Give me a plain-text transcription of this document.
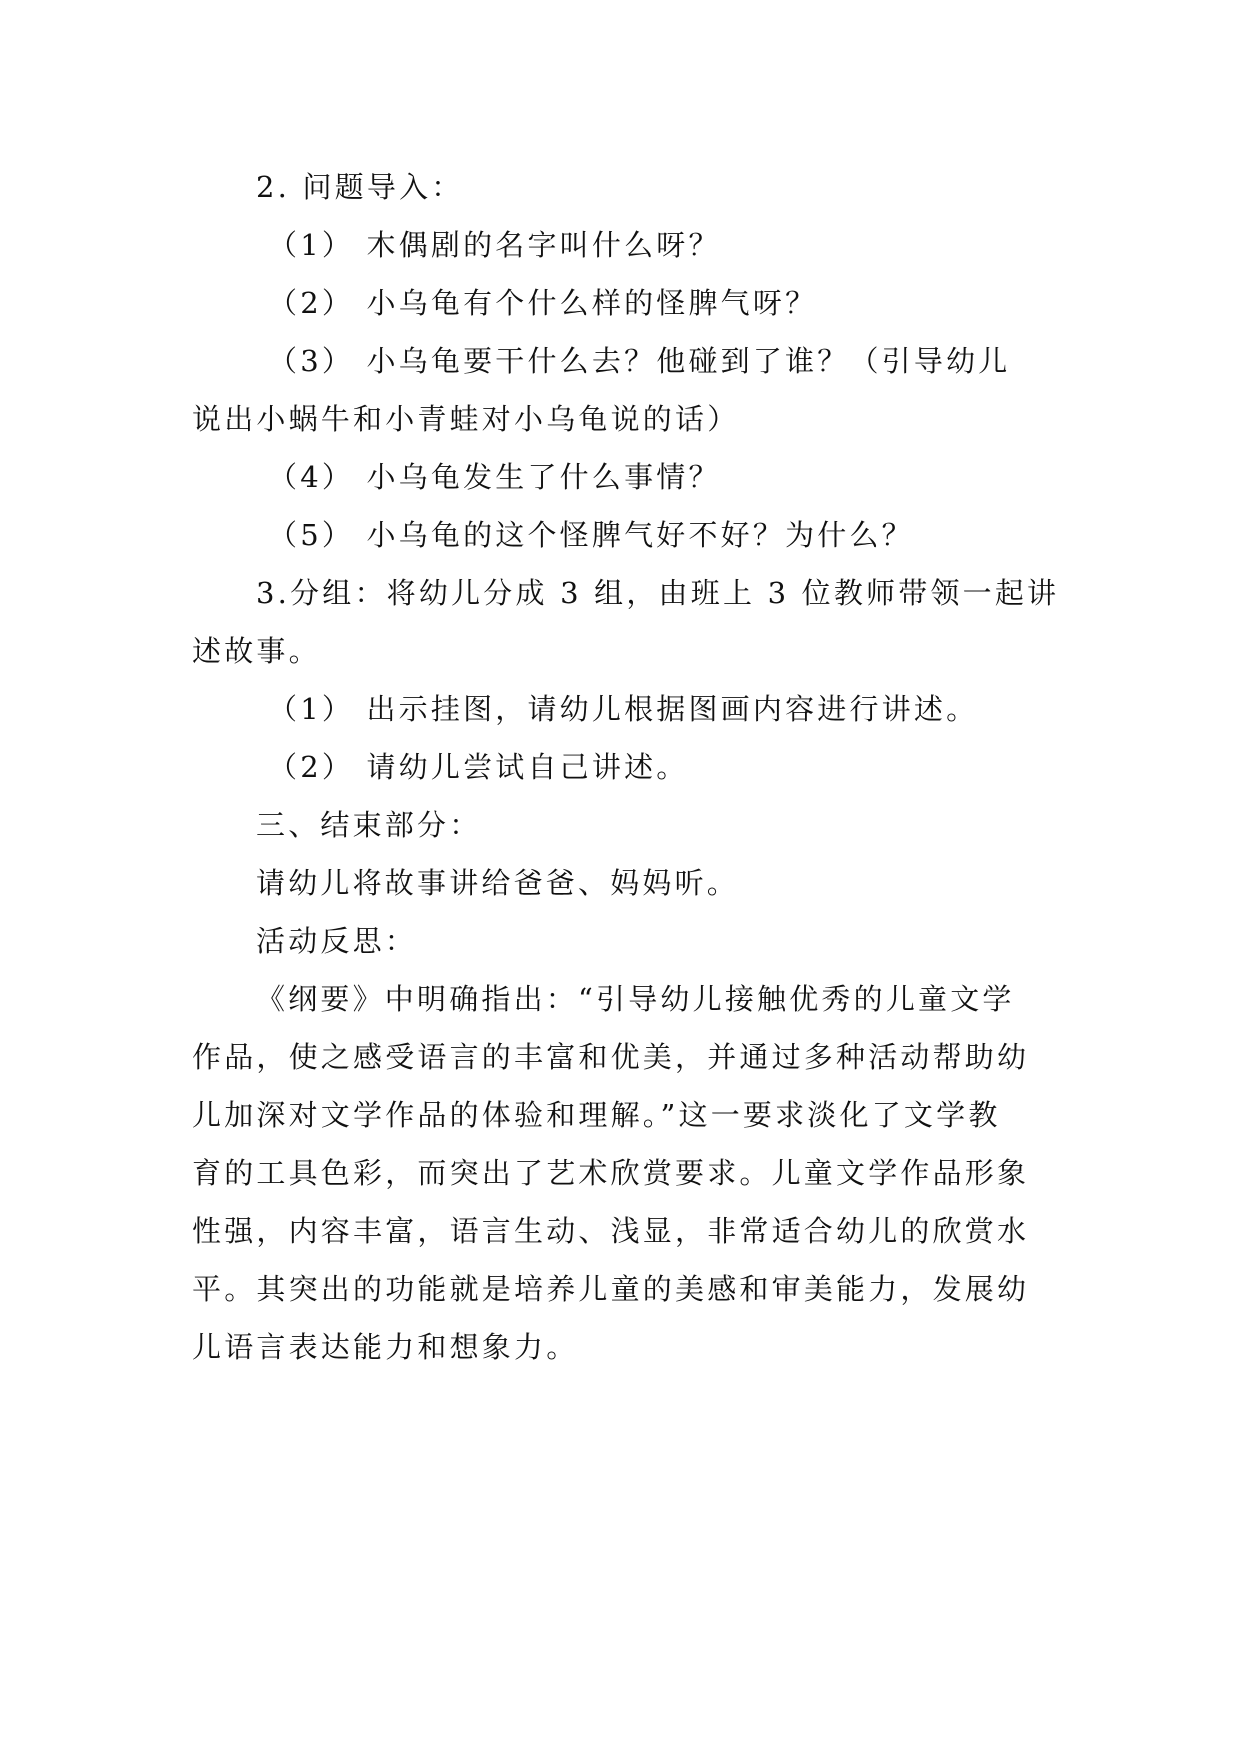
2. 问题导入：
（1） 木偶剧的名字叫什么呀？
（2） 小乌龟有个什么样的怪脾气呀？
（3） 小乌龟要干什么去？他碰到了谁？（引导幼儿
说出小蜗牛和小青蛙对小乌龟说的话）
（4） 小乌龟发生了什么事情？
（5） 小乌龟的这个怪脾气好不好？为什么？
3.分组：将幼儿分成 3 组，由班上 3 位教师带领一起讲
述故事。
（1） 出示挂图，请幼儿根据图画内容进行讲述。
（2） 请幼儿尝试自己讲述。
三、结束部分：
请幼儿将故事讲给爸爸、妈妈听。
活动反思：
《纲要》中明确指出：“引导幼儿接触优秀的儿童文学
作品，使之感受语言的丰富和优美，并通过多种活动帮助幼
儿加深对文学作品的体验和理解。”这一要求淡化了文学教
育的工具色彩，而突出了艺术欣赏要求。儿童文学作品形象
性强，内容丰富，语言生动、浅显，非常适合幼儿的欣赏水
平。其突出的功能就是培养儿童的美感和审美能力，发展幼
儿语言表达能力和想象力。
